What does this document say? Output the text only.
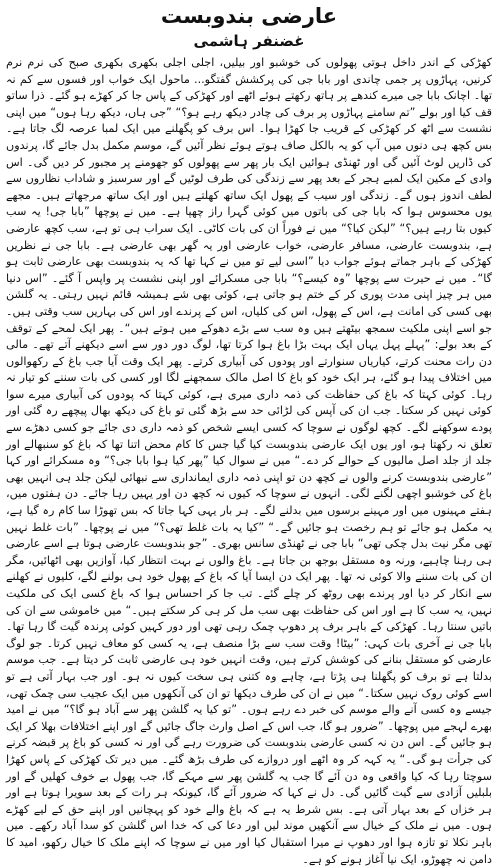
عارضی بندوبست
غضنفر ہاشمی

کھڑکی کے اندر داخل ہوتی پھولوں کی خوشبو اور بیلیں، اجلی اجلی بکھری بکھری صبح کی نرم نرم کرنیں، پہاڑوں پر جمی چاندی اور بابا جی کی پرکشش گفتگو... ماحول ایک خواب اور فسوں سے کم نہ تھا۔ اچانک بابا جی میرے کندھے پر ہاتھ رکھتے ہوئے اٹھے اور کھڑکی کے پاس جا کر کھڑے ہو گئے۔ ذرا ساتو قف کیا اور بولے ”تم سامنے پہاڑوں پر برف کی چادر دیکھ رہے ہو؟“ ”جی ہاں، دیکھ رہا ہوں“ میں اپنی نشست سے اٹھ کر کھڑکی کے قریب جا کھڑا ہوا۔ اس برف کو پگھلنے میں ایک لمبا عرصہ لگ جاتا ہے۔ بس کچھ ہی دنوں میں آپ کو یہ بالکل صاف ہوتے ہوئے نظر آئیں گے، موسم مکمل بدل جائے گا، پرندوں کی ڈاریں لوٹ آئیں گی اور ٹھنڈی ہوائیں ایک بار پھر سے پھولوں کو جھومنے پر مجبور کر دیں گی۔ اس وادی کے مکین ایک لمبے ہجر کے بعد پھر سے زندگی کی طرف لوٹیں گے اور سرسبز و شاداب نظاروں سے لطف اندوز ہوں گے۔ زندگی اور سیب کے پھول ایک ساتھ کھلتے ہیں اور ایک ساتھ مرجھاتے ہیں۔ مجھے یوں محسوس ہوا کہ بابا جی کی باتوں میں کوئی گہرا راز چھپا ہے۔ میں نے پوچھا ”بابا جی! یہ سب کیوں بتا رہے ہیں؟“ ”لیکن کیا؟“ میں نے فوراً ان کی بات کاٹی۔ ایک سراب ہی تو ہے، سب کچھ عارضی ہے، بندوبست عارضی، مسافر عارضی، خواب عارضی اور یہ گھر بھی عارضی ہے۔ بابا جی نے نظریں کھڑکی کے باہر جماتے ہوئے جواب دیا ”اسی لیے تو میں نے کہا تھا کہ یہ بندوبست بھی عارضی ثابت ہو گا“۔ میں نے حیرت سے پوچھا ”وہ کیسے؟“ بابا جی مسکرائے اور اپنی نشست پر واپس آ گئے۔ ”اس دنیا میں ہر چیز اپنی مدت پوری کر کے ختم ہو جاتی ہے، کوئی بھی شے ہمیشہ قائم نہیں رہتی۔ یہ گلشن بھی کسی کی امانت ہے، اس کے پھول، اس کی کلیاں، اس کے پرندے اور اس کی بہاریں سب وقتی ہیں۔ جو اسے اپنی ملکیت سمجھ بیٹھتے ہیں وہ سب سے بڑے دھوکے میں ہوتے ہیں“۔ پھر ایک لمحے کے توقف کے بعد بولے: ”پہلے پہل یہاں ایک بہت بڑا باغ ہوا کرتا تھا، لوگ دور دور سے اسے دیکھنے آتے تھے۔ مالی دن رات محنت کرتے، کیاریاں سنوارتے اور پودوں کی آبیاری کرتے۔ پھر ایک وقت آیا جب باغ کے رکھوالوں میں اختلاف پیدا ہو گئے، ہر ایک خود کو باغ کا اصل مالک سمجھنے لگا اور کسی کی بات سننے کو تیار نہ رہا۔ کوئی کہتا کہ باغ کی حفاظت کی ذمہ داری میری ہے، کوئی کہتا کہ پودوں کی آبیاری میرے سوا کوئی نہیں کر سکتا۔ جب ان کی آپس کی لڑائی حد سے بڑھ گئی تو باغ کی دیکھ بھال پیچھے رہ گئی اور پودے سوکھنے لگے۔ کچھ لوگوں نے سوچا کہ کسی ایسے شخص کو ذمہ داری دی جائے جو کسی دھڑے سے تعلق نہ رکھتا ہو، اور یوں ایک عارضی بندوبست کیا گیا جس کا کام محض اتنا تھا کہ باغ کو سنبھالے اور جلد از جلد اصل مالیوں کے حوالے کر دے۔“ میں نے سوال کیا ”پھر کیا ہوا بابا جی؟“ وہ مسکرائے اور کہا ”عارضی بندوبست کرنے والوں نے کچھ دن تو اپنی ذمہ داری ایمانداری سے نبھائی لیکن جلد ہی انہیں بھی باغ کی خوشبو اچھی لگنے لگی۔ انہوں نے سوچا کہ کیوں نہ کچھ دن اور یہیں رہا جائے۔ دن ہفتوں میں، ہفتے مہینوں میں اور مہینے برسوں میں بدلنے لگے۔ ہر بار یہی کہا جاتا کہ بس تھوڑا سا کام رہ گیا ہے، یہ مکمل ہو جائے تو ہم رخصت ہو جائیں گے۔“ ”کیا یہ بات غلط تھی؟“ میں نے پوچھا۔ ”بات غلط نہیں تھی مگر نیت بدل چکی تھی“ بابا جی نے ٹھنڈی سانس بھری۔ ”جو بندوبست عارضی ہوتا ہے اسے عارضی ہی رہنا چاہیے، ورنہ وہ مستقل بوجھ بن جاتا ہے۔ باغ والوں نے بہت انتظار کیا، آوازیں بھی اٹھائیں، مگر ان کی بات سننے والا کوئی نہ تھا۔ پھر ایک دن ایسا آیا کہ باغ کے پھول خود ہی بولنے لگے، کلیوں نے کھلنے سے انکار کر دیا اور پرندے بھی روٹھ کر چلے گئے۔ تب جا کر احساس ہوا کہ باغ کسی ایک کی ملکیت نہیں، یہ سب کا ہے اور اس کی حفاظت بھی سب مل کر ہی کر سکتے ہیں۔“ میں خاموشی سے ان کی باتیں سنتا رہا۔ کھڑکی کے باہر برف پر دھوپ چمک رہی تھی اور دور کہیں کوئی پرندہ گیت گا رہا تھا۔ بابا جی نے آخری بات کہی: ”بیٹا! وقت سب سے بڑا منصف ہے، یہ کسی کو معاف نہیں کرتا۔ جو لوگ عارضی کو مستقل بنانے کی کوشش کرتے ہیں، وقت انہیں خود ہی عارضی ثابت کر دیتا ہے۔ جب موسم بدلتا ہے تو برف کو پگھلنا ہی پڑتا ہے، چاہے وہ کتنی ہی سخت کیوں نہ ہو۔ اور جب بہار آتی ہے تو اسے کوئی روک نہیں سکتا۔“ میں نے ان کی طرف دیکھا تو ان کی آنکھوں میں ایک عجیب سی چمک تھی، جیسے وہ کسی آنے والے موسم کی خبر دے رہے ہوں۔ ”تو کیا یہ گلشن پھر سے آباد ہو گا؟“ میں نے امید بھرے لہجے میں پوچھا۔ ”ضرور ہو گا، جب اس کے اصل وارث جاگ جائیں گے اور اپنے اختلافات بھلا کر ایک ہو جائیں گے۔ اس دن نہ کسی عارضی بندوبست کی ضرورت رہے گی اور نہ کسی کو باغ پر قبضہ کرنے کی جرأت ہو گی۔“ یہ کہہ کر وہ اٹھے اور دروازے کی طرف بڑھ گئے۔ میں دیر تک کھڑکی کے پاس کھڑا سوچتا رہا کہ کیا واقعی وہ دن آئے گا جب یہ گلشن پھر سے مہکے گا، جب پھول بے خوف کھلیں گے اور بلبلیں آزادی سے گیت گائیں گی۔ دل نے کہا کہ ضرور آئے گا، کیونکہ ہر رات کے بعد سویرا ہوتا ہے اور ہر خزاں کے بعد بہار آتی ہے۔ بس شرط یہ ہے کہ باغ والے خود کو پہچانیں اور اپنے حق کے لیے کھڑے ہوں۔ میں نے ملک کے خیال سے آنکھیں موند لیں اور دعا کی کہ خدا اس گلشن کو سدا آباد رکھے۔ میں باہر نکلا تو تازہ ہوا اور دھوپ نے میرا استقبال کیا اور میں نے سوچا کہ اپنے ملک کا خیال رکھو، امید کا دامن نہ چھوڑو، ایک نیا آغاز ہونے کو ہے۔
